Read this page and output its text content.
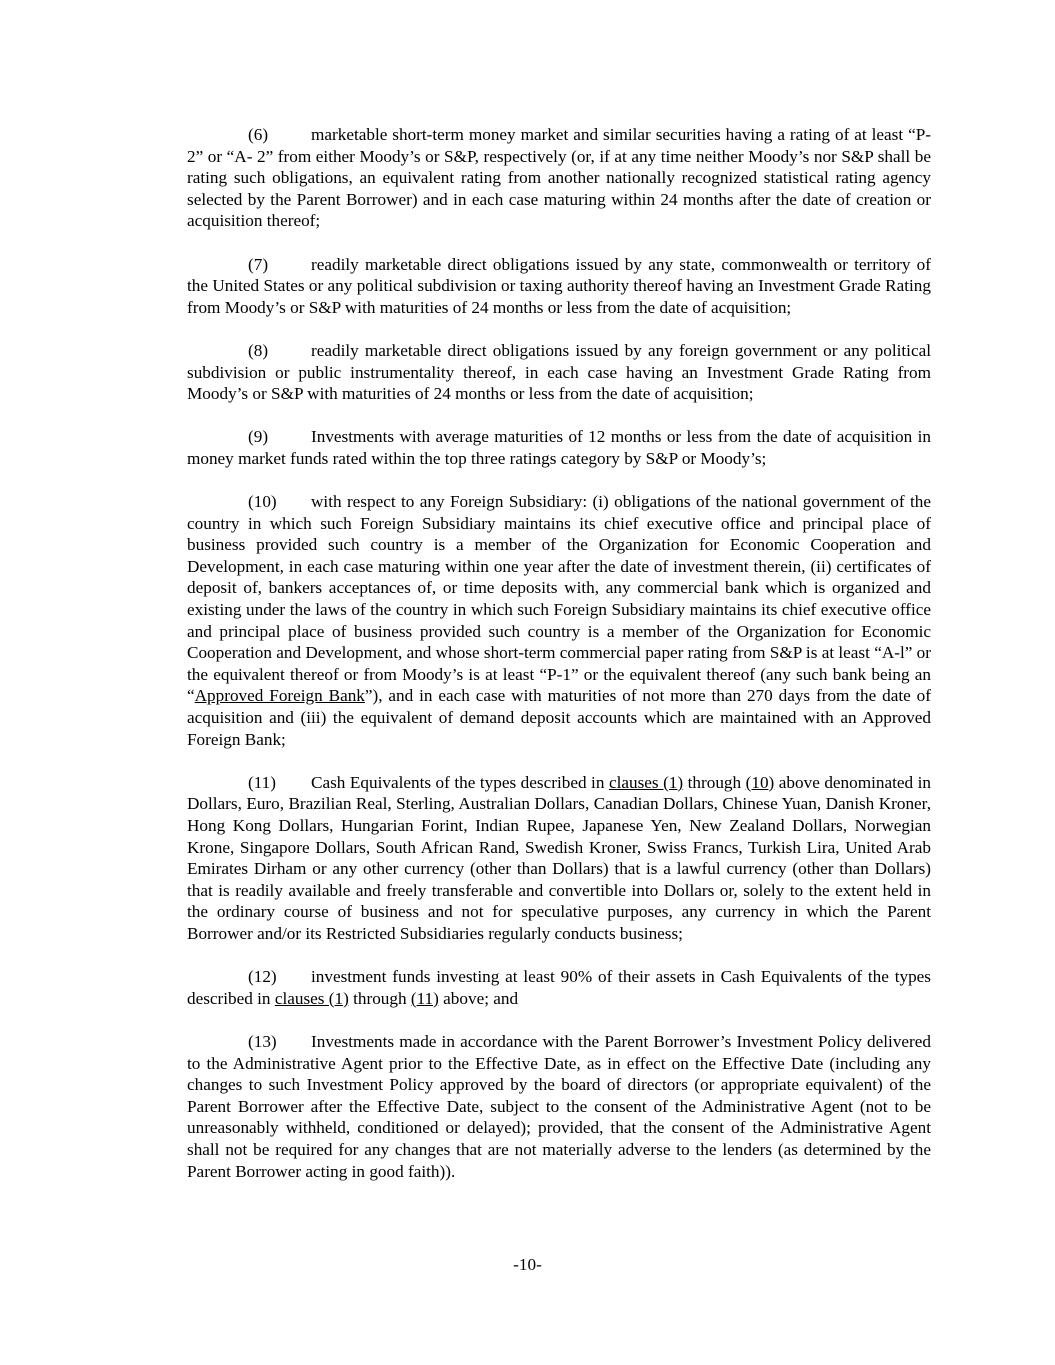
(6) marketable short-term money market and similar securities having a rating of at least “P-2” or “A- 2” from either Moody’s or S&P, respectively (or, if at any time neither Moody’s nor S&P shall be rating such obligations, an equivalent rating from another nationally recognized statistical rating agency selected by the Parent Borrower) and in each case maturing within 24 months after the date of creation or acquisition thereof;

(7) readily marketable direct obligations issued by any state, commonwealth or territory of the United States or any political subdivision or taxing authority thereof having an Investment Grade Rating from Moody’s or S&P with maturities of 24 months or less from the date of acquisition;

(8) readily marketable direct obligations issued by any foreign government or any political subdivision or public instrumentality thereof, in each case having an Investment Grade Rating from Moody’s or S&P with maturities of 24 months or less from the date of acquisition;

(9) Investments with average maturities of 12 months or less from the date of acquisition in money market funds rated within the top three ratings category by S&P or Moody’s;

(10) with respect to any Foreign Subsidiary: (i) obligations of the national government of the country in which such Foreign Subsidiary maintains its chief executive office and principal place of business provided such country is a member of the Organization for Economic Cooperation and Development, in each case maturing within one year after the date of investment therein, (ii) certificates of deposit of, bankers acceptances of, or time deposits with, any commercial bank which is organized and existing under the laws of the country in which such Foreign Subsidiary maintains its chief executive office and principal place of business provided such country is a member of the Organization for Economic Cooperation and Development, and whose short-term commercial paper rating from S&P is at least “A-l” or the equivalent thereof or from Moody’s is at least “P-1” or the equivalent thereof (any such bank being an “Approved Foreign Bank”), and in each case with maturities of not more than 270 days from the date of acquisition and (iii) the equivalent of demand deposit accounts which are maintained with an Approved Foreign Bank;

(11) Cash Equivalents of the types described in clauses (1) through (10) above denominated in Dollars, Euro, Brazilian Real, Sterling, Australian Dollars, Canadian Dollars, Chinese Yuan, Danish Kroner, Hong Kong Dollars, Hungarian Forint, Indian Rupee, Japanese Yen, New Zealand Dollars, Norwegian Krone, Singapore Dollars, South African Rand, Swedish Kroner, Swiss Francs, Turkish Lira, United Arab Emirates Dirham or any other currency (other than Dollars) that is a lawful currency (other than Dollars) that is readily available and freely transferable and convertible into Dollars or, solely to the extent held in the ordinary course of business and not for speculative purposes, any currency in which the Parent Borrower and/or its Restricted Subsidiaries regularly conducts business;

(12) investment funds investing at least 90% of their assets in Cash Equivalents of the types described in clauses (1) through (11) above; and

(13) Investments made in accordance with the Parent Borrower’s Investment Policy delivered to the Administrative Agent prior to the Effective Date, as in effect on the Effective Date (including any changes to such Investment Policy approved by the board of directors (or appropriate equivalent) of the Parent Borrower after the Effective Date, subject to the consent of the Administrative Agent (not to be unreasonably withheld, conditioned or delayed); provided, that the consent of the Administrative Agent shall not be required for any changes that are not materially adverse to the lenders (as determined by the Parent Borrower acting in good faith)).

-10-
